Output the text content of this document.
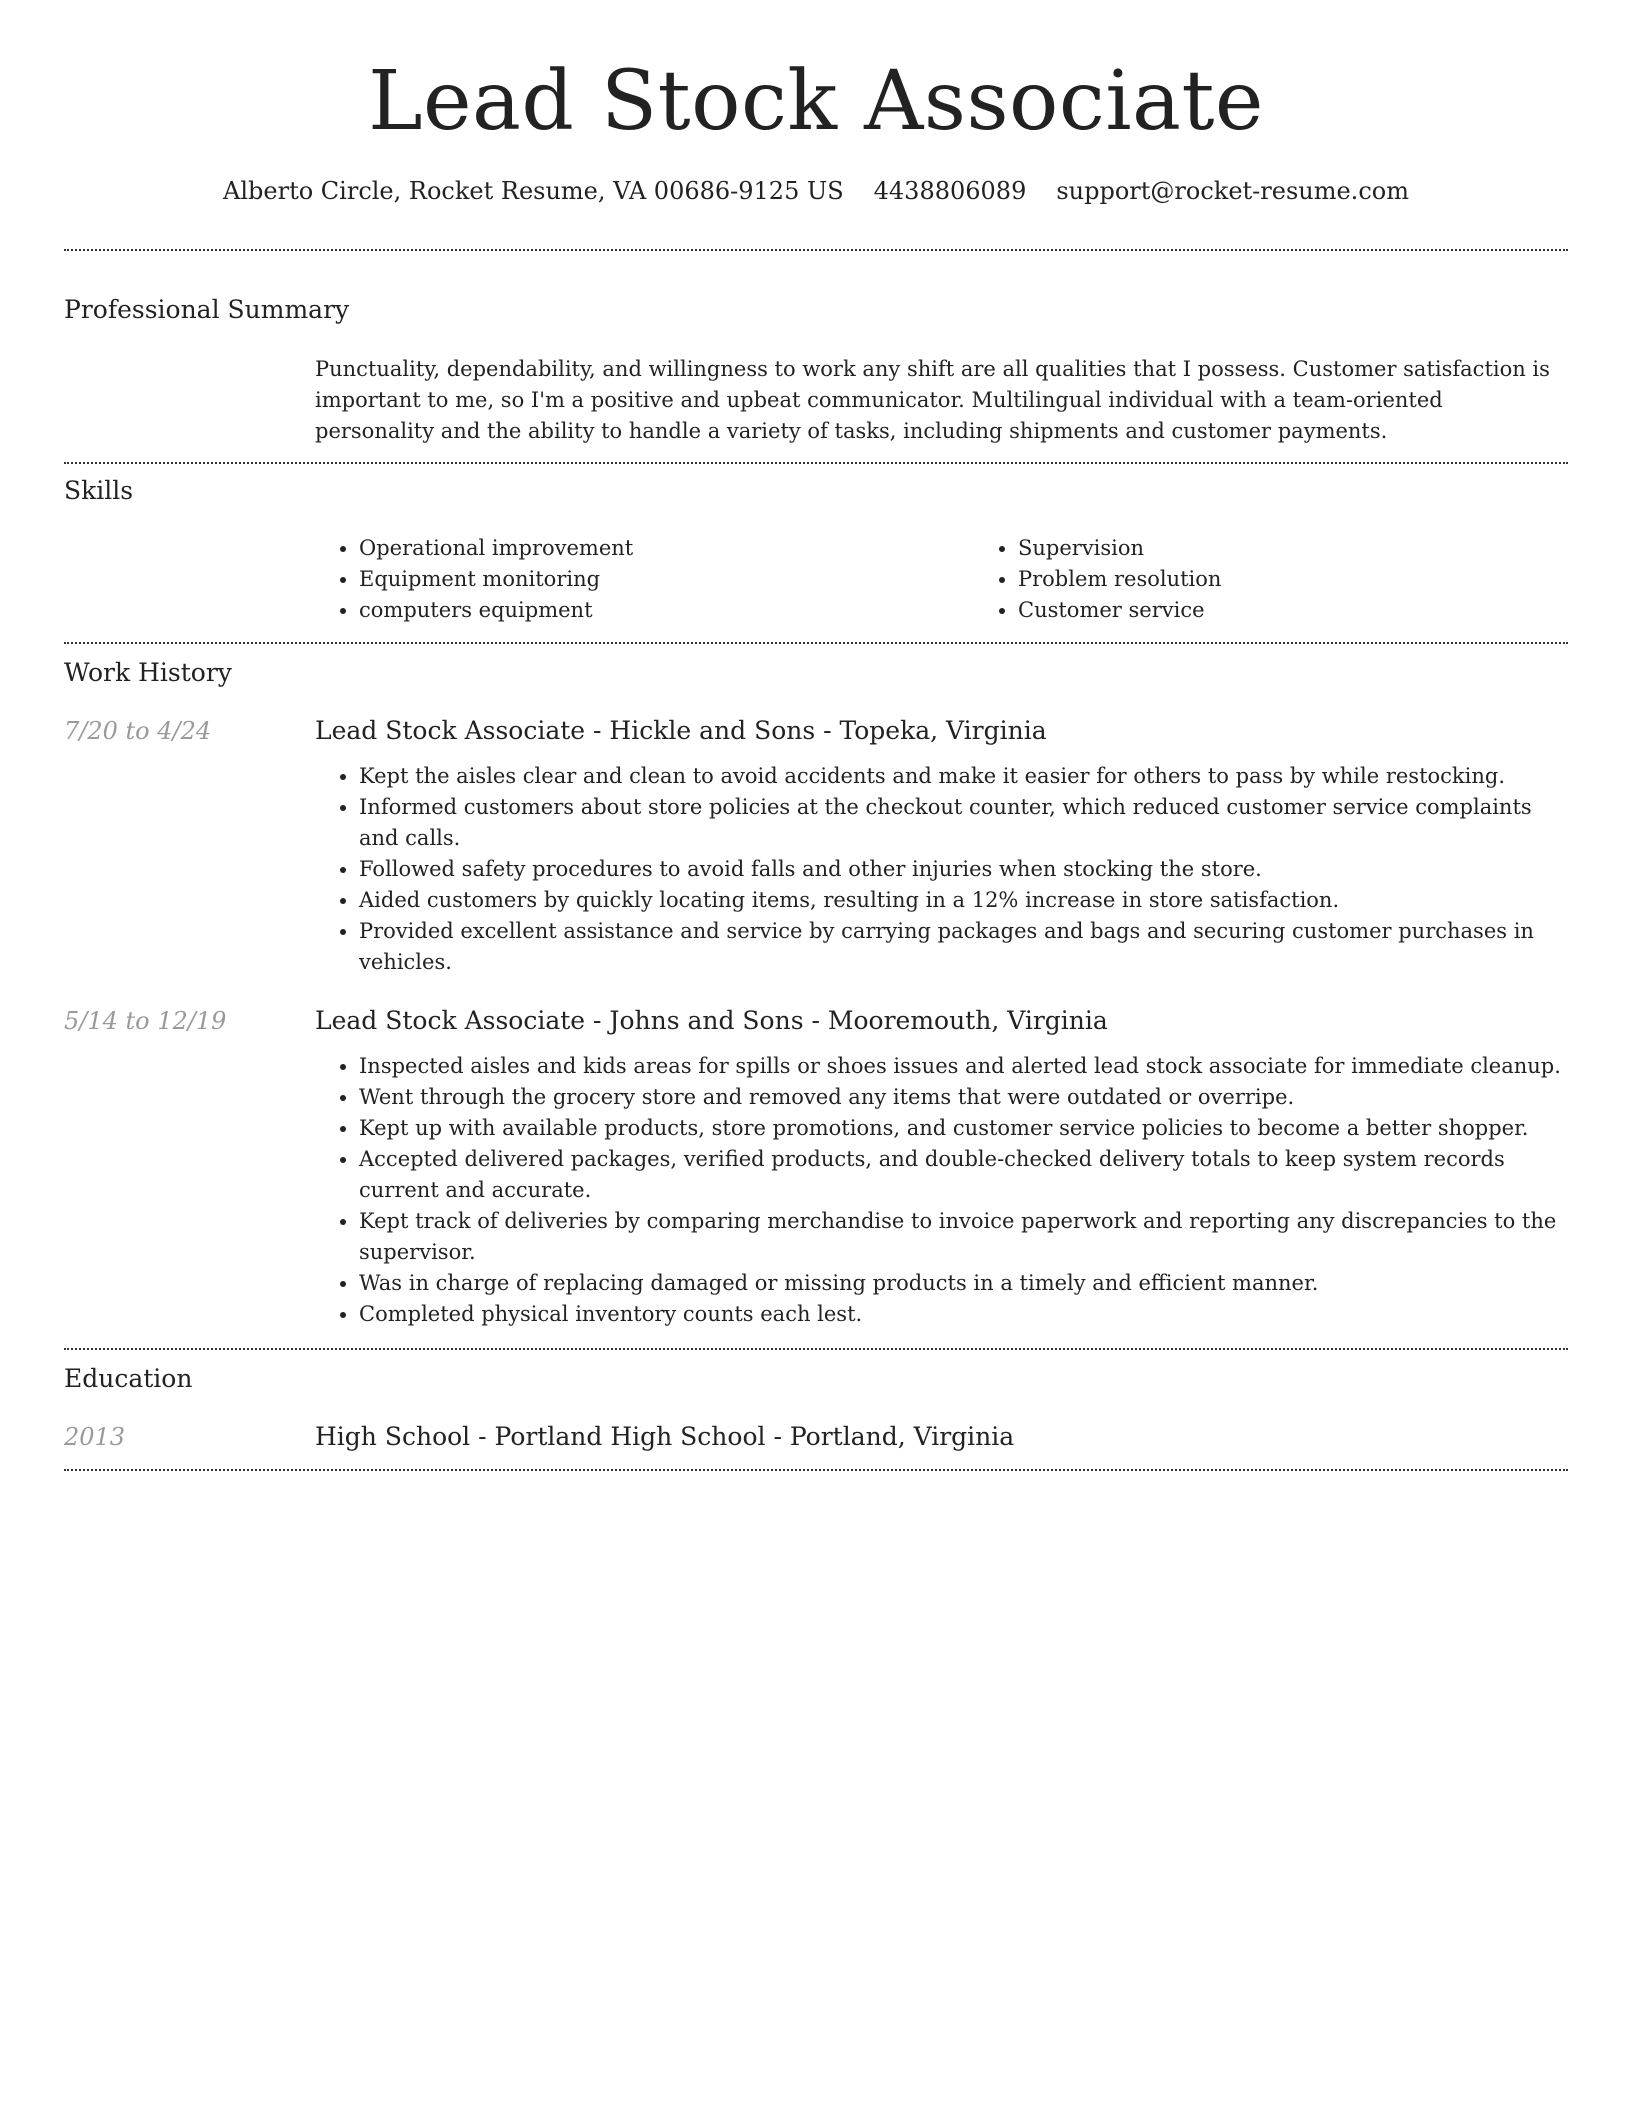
Lead Stock Associate
Alberto Circle, Rocket Resume, VA 00686-9125 US 4438806089 support@rocket-resume.com
Professional Summary

Punctuality, dependability, and willingness to work any shift are all qualities that I possess. Customer satisfaction is important to me, so I'm a positive and upbeat communicator. Multilingual individual with a team-oriented personality and the ability to handle a variety of tasks, including shipments and customer payments.

Skills
• Operational improvement
• Equipment monitoring
• computers equipment
• Supervision
• Problem resolution
• Customer service
Work History
7/20 to 4/24	Lead Stock Associate - Hickle and Sons - Topeka, Virginia
• Kept the aisles clear and clean to avoid accidents and make it easier for others to pass by while restocking.
• Informed customers about store policies at the checkout counter, which reduced customer service complaints and calls.
• Followed safety procedures to avoid falls and other injuries when stocking the store.
• Aided customers by quickly locating items, resulting in a 12% increase in store satisfaction.
• Provided excellent assistance and service by carrying packages and bags and securing customer purchases in vehicles.
5/14 to 12/19	Lead Stock Associate - Johns and Sons - Mooremouth, Virginia
• Inspected aisles and kids areas for spills or shoes issues and alerted lead stock associate for immediate cleanup.
• Went through the grocery store and removed any items that were outdated or overripe.
• Kept up with available products, store promotions, and customer service policies to become a better shopper.
• Accepted delivered packages, verified products, and double-checked delivery totals to keep system records current and accurate.
• Kept track of deliveries by comparing merchandise to invoice paperwork and reporting any discrepancies to the supervisor.
• Was in charge of replacing damaged or missing products in a timely and efficient manner.
• Completed physical inventory counts each lest.
Education
2013	High School - Portland High School - Portland, Virginia
